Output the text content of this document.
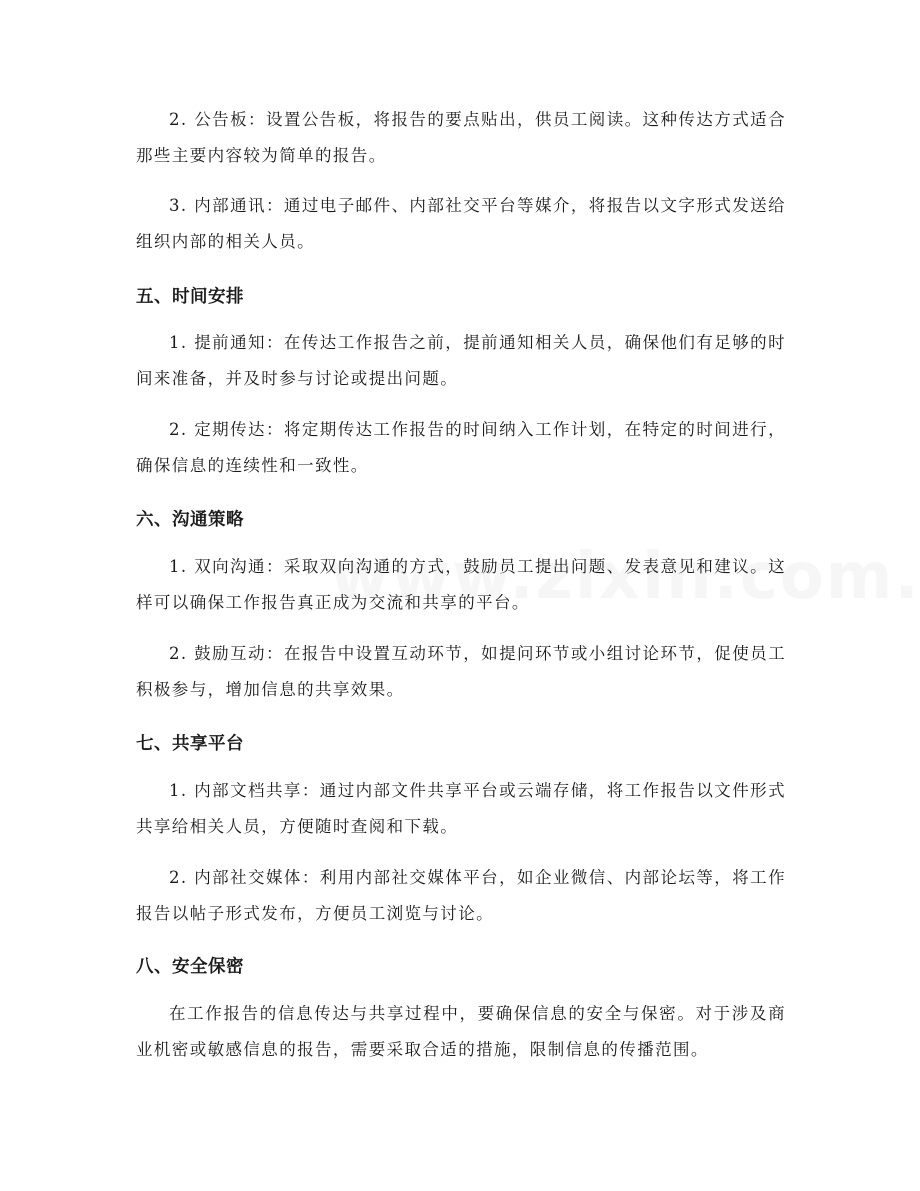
2. 公告板：设置公告板，将报告的要点贴出，供员工阅读。这种传达方式适合那些主要内容较为简单的报告。

3. 内部通讯：通过电子邮件、内部社交平台等媒介，将报告以文字形式发送给组织内部的相关人员。

五、时间安排

1. 提前通知：在传达工作报告之前，提前通知相关人员，确保他们有足够的时间来准备，并及时参与讨论或提出问题。

2. 定期传达：将定期传达工作报告的时间纳入工作计划，在特定的时间进行，确保信息的连续性和一致性。

六、沟通策略

1. 双向沟通：采取双向沟通的方式，鼓励员工提出问题、发表意见和建议。这样可以确保工作报告真正成为交流和共享的平台。

2. 鼓励互动：在报告中设置互动环节，如提问环节或小组讨论环节，促使员工积极参与，增加信息的共享效果。

七、共享平台

1. 内部文档共享：通过内部文件共享平台或云端存储，将工作报告以文件形式共享给相关人员，方便随时查阅和下载。

2. 内部社交媒体：利用内部社交媒体平台，如企业微信、内部论坛等，将工作报告以帖子形式发布，方便员工浏览与讨论。

八、安全保密

在工作报告的信息传达与共享过程中，要确保信息的安全与保密。对于涉及商业机密或敏感信息的报告，需要采取合适的措施，限制信息的传播范围。
